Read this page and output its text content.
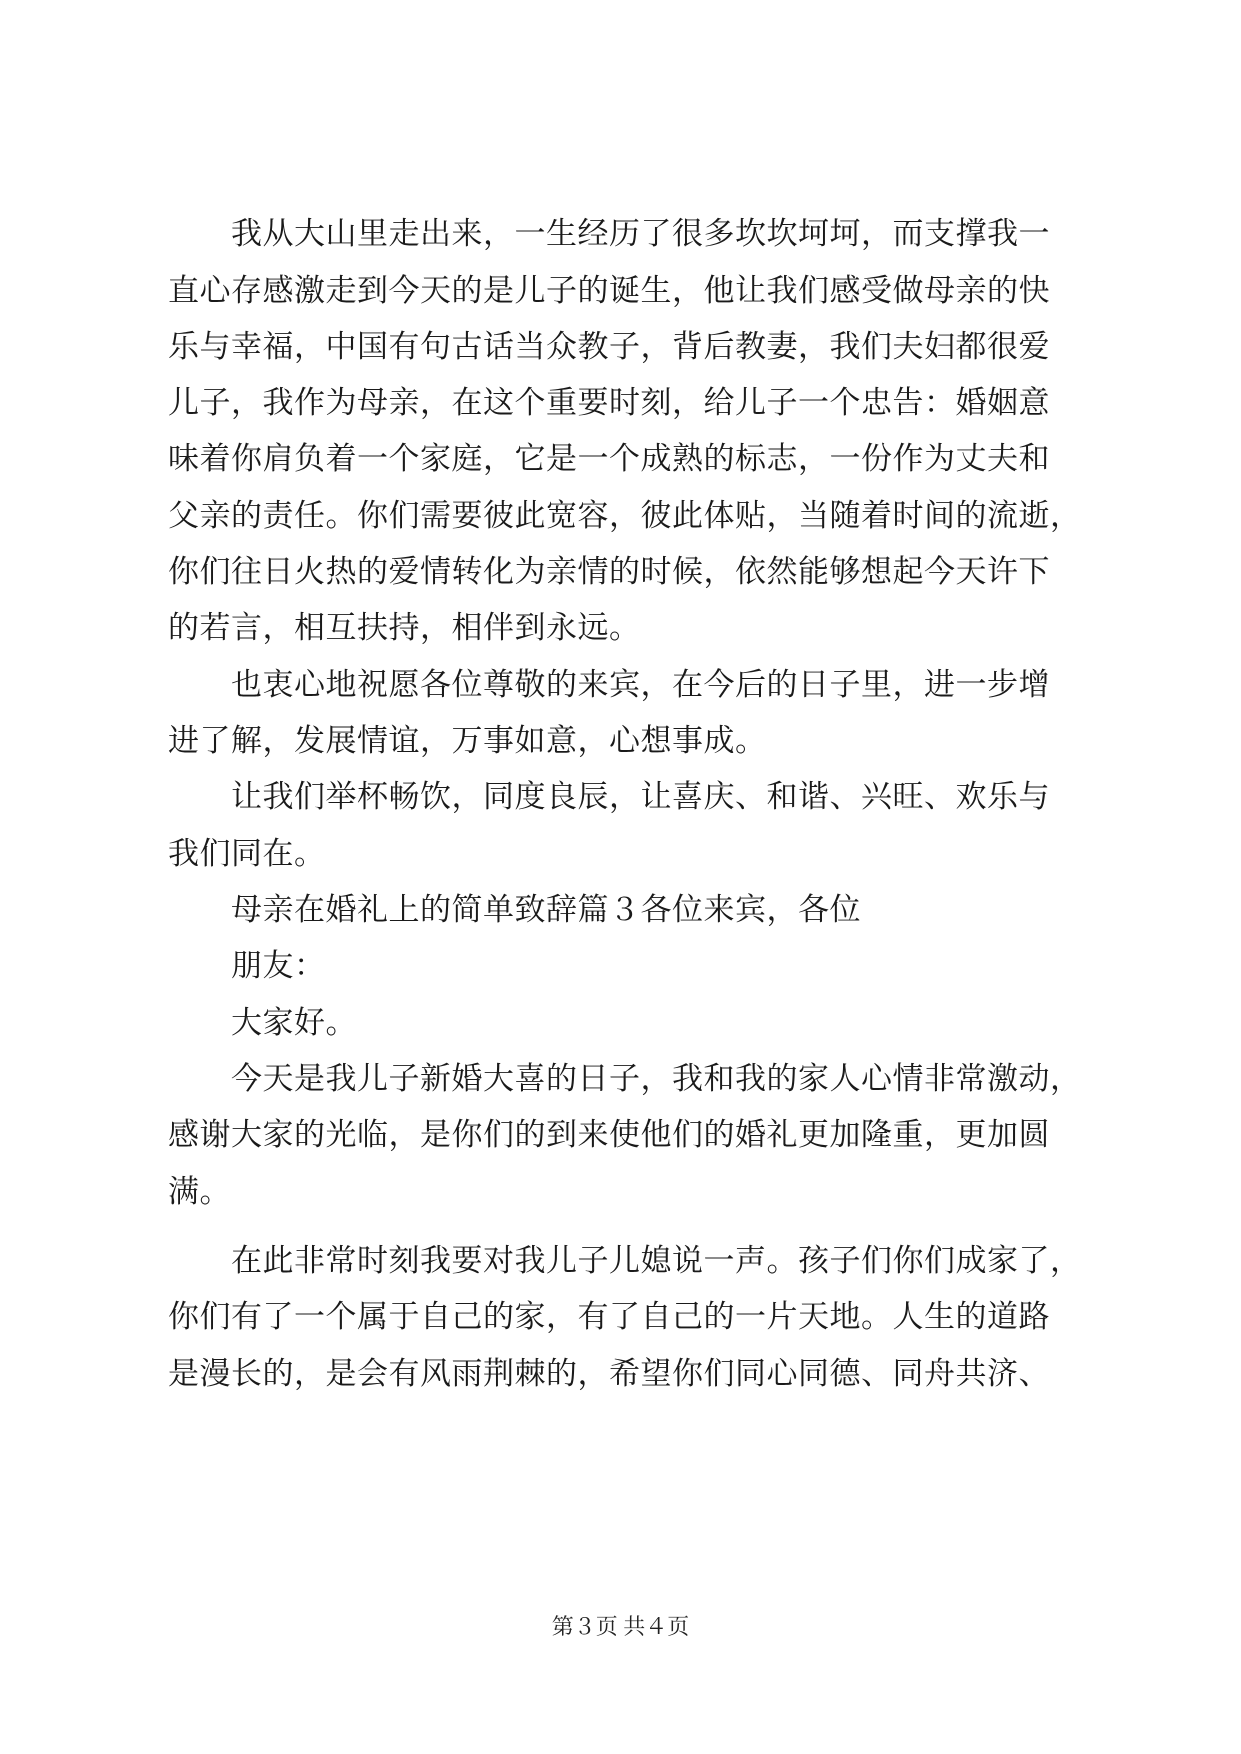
我从大山里走出来，一生经历了很多坎坎坷坷，而支撑我一
直心存感激走到今天的是儿子的诞生，他让我们感受做母亲的快
乐与幸福，中国有句古话当众教子，背后教妻，我们夫妇都很爱
儿子，我作为母亲，在这个重要时刻，给儿子一个忠告：婚姻意
味着你肩负着一个家庭，它是一个成熟的标志，一份作为丈夫和
父亲的责任。你们需要彼此宽容，彼此体贴，当随着时间的流逝，
你们往日火热的爱情转化为亲情的时候，依然能够想起今天许下
的若言，相互扶持，相伴到永远。
也衷心地祝愿各位尊敬的来宾，在今后的日子里，进一步增
进了解，发展情谊，万事如意，心想事成。
让我们举杯畅饮，同度良辰，让喜庆、和谐、兴旺、欢乐与
我们同在。
母亲在婚礼上的简单致辞篇３各位来宾，各位
朋友：
大家好。
今天是我儿子新婚大喜的日子，我和我的家人心情非常激动，
感谢大家的光临，是你们的到来使他们的婚礼更加隆重，更加圆
满。
在此非常时刻我要对我儿子儿媳说一声。孩子们你们成家了，
你们有了一个属于自己的家，有了自己的一片天地。人生的道路
是漫长的，是会有风雨荆棘的，希望你们同心同德、同舟共济、
第３页 共４页
